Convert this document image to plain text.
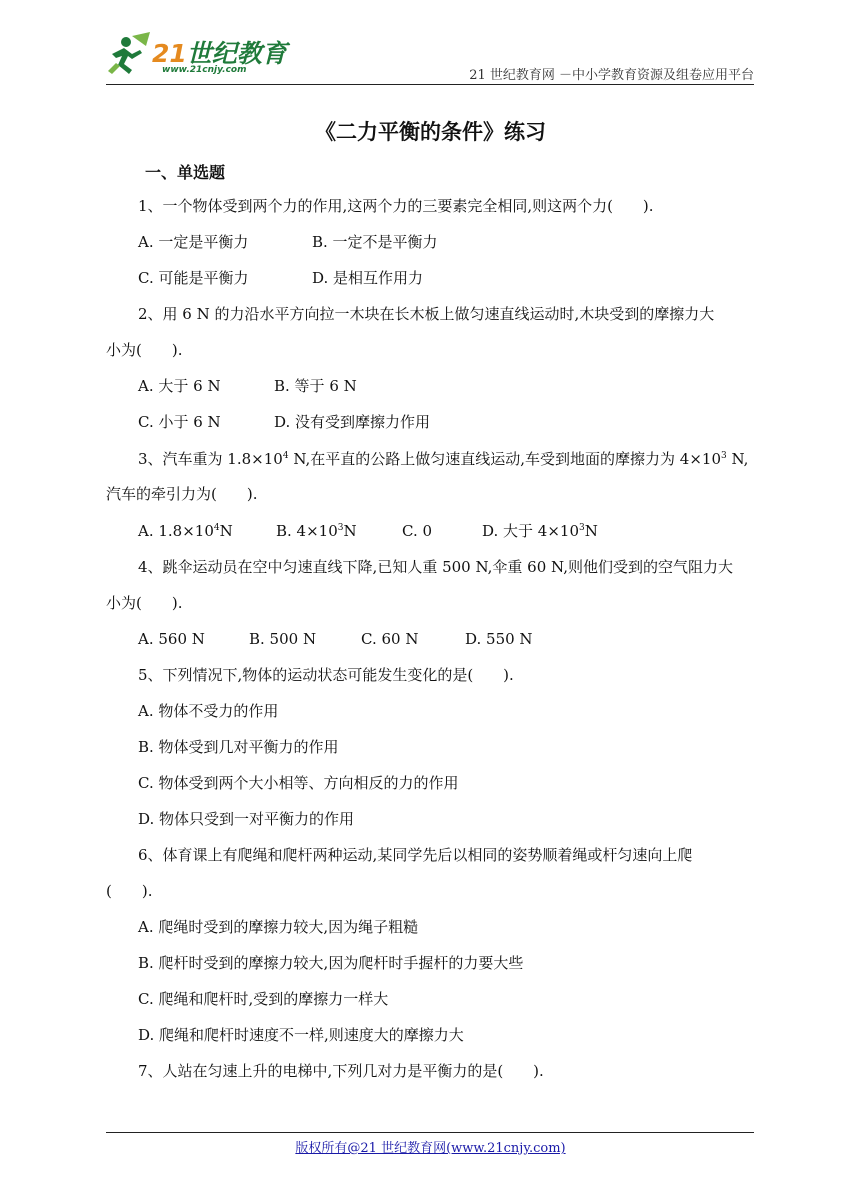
21世纪教育
www.21cnjy.com	21 世纪教育网 －中小学教育资源及组卷应用平台
《二力平衡的条件》练习
一、单选题
1、一个物体受到两个力的作用,这两个力的三要素完全相同,则这两个力(　　).
A. 一定是平衡力	B. 一定不是平衡力
C. 可能是平衡力	D. 是相互作用力
2、用 6 N 的力沿水平方向拉一木块在长木板上做匀速直线运动时,木块受到的摩擦力大
小为(　　).
A. 大于 6 N	B. 等于 6 N
C. 小于 6 N	D. 没有受到摩擦力作用
3、汽车重为 $1.8\times 10^4$ N,在平直的公路上做匀速直线运动,车受到地面的摩擦力为 $4\times 10^3$ N,
汽车的牵引力为(　　).
A. $1.8\times 10^4N$	B. $4\times 10^3N$	C. 0	D. 大于 $4\times 10^3N$
4、跳伞运动员在空中匀速直线下降,已知人重 500 N,伞重 60 N,则他们受到的空气阻力大
小为(　　).
A. 560 N	B. 500 N	C. 60 N	D. 550 N
5、下列情况下,物体的运动状态可能发生变化的是(　　).
A. 物体不受力的作用
B. 物体受到几对平衡力的作用
C. 物体受到两个大小相等、方向相反的力的作用
D. 物体只受到一对平衡力的作用
6、体育课上有爬绳和爬杆两种运动,某同学先后以相同的姿势顺着绳或杆匀速向上爬
(　　).
A. 爬绳时受到的摩擦力较大,因为绳子粗糙
B. 爬杆时受到的摩擦力较大,因为爬杆时手握杆的力要大些
C. 爬绳和爬杆时,受到的摩擦力一样大
D. 爬绳和爬杆时速度不一样,则速度大的摩擦力大
7、人站在匀速上升的电梯中,下列几对力是平衡力的是(　　).
版权所有@21 世纪教育网(www.21cnjy.com)
